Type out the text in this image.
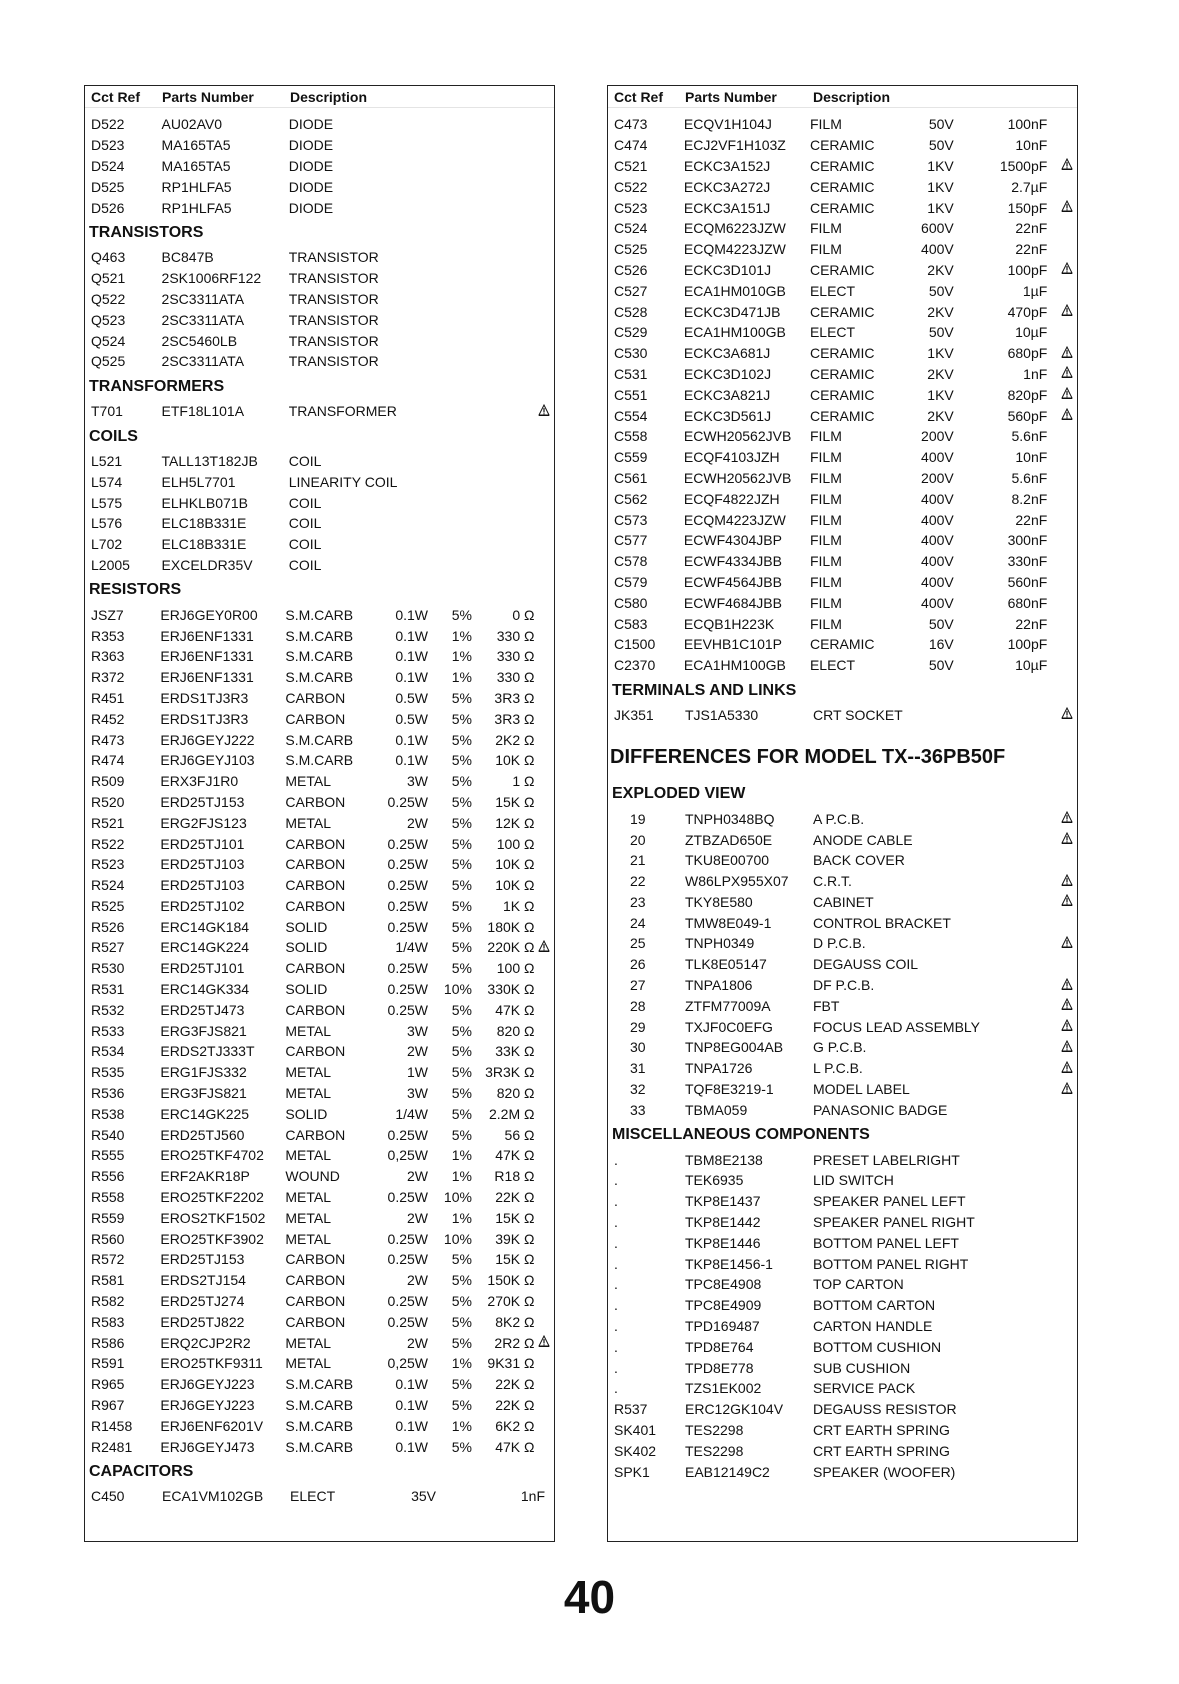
Cct Ref	Parts Number	Description
D522	AU02AV0	DIODE
D523	MA165TA5	DIODE
D524	MA165TA5	DIODE
D525	RP1HLFA5	DIODE
D526	RP1HLFA5	DIODE
TRANSISTORS
Q463	BC847B	TRANSISTOR
Q521	2SK1006RF122	TRANSISTOR
Q522	2SC3311ATA	TRANSISTOR
Q523	2SC3311ATA	TRANSISTOR
Q524	2SC5460LB	TRANSISTOR
Q525	2SC3311ATA	TRANSISTOR
TRANSFORMERS
T701	ETF18L101A	TRANSFORMER
COILS
L521	TALL13T182JB	COIL
L574	ELH5L7701	LINEARITY COIL
L575	ELHKLB071B	COIL
L576	ELC18B331E	COIL
L702	ELC18B331E	COIL
L2005	EXCELDR35V	COIL
RESISTORS
JSZ7	ERJ6GEY0R00	S.M.CARB	0.1W	5%	0 Ω
R353	ERJ6ENF1331	S.M.CARB	0.1W	1%	330 Ω
R363	ERJ6ENF1331	S.M.CARB	0.1W	1%	330 Ω
R372	ERJ6ENF1331	S.M.CARB	0.1W	1%	330 Ω
R451	ERDS1TJ3R3	CARBON	0.5W	5%	3R3 Ω
R452	ERDS1TJ3R3	CARBON	0.5W	5%	3R3 Ω
R473	ERJ6GEYJ222	S.M.CARB	0.1W	5%	2K2 Ω
R474	ERJ6GEYJ103	S.M.CARB	0.1W	5%	10K Ω
R509	ERX3FJ1R0	METAL	3W	5%	1 Ω
R520	ERD25TJ153	CARBON	0.25W	5%	15K Ω
R521	ERG2FJS123	METAL	2W	5%	12K Ω
R522	ERD25TJ101	CARBON	0.25W	5%	100 Ω
R523	ERD25TJ103	CARBON	0.25W	5%	10K Ω
R524	ERD25TJ103	CARBON	0.25W	5%	10K Ω
R525	ERD25TJ102	CARBON	0.25W	5%	1K Ω
R526	ERC14GK184	SOLID	0.25W	5%	180K Ω
R527	ERC14GK224	SOLID	1/4W	5%	220K Ω
R530	ERD25TJ101	CARBON	0.25W	5%	100 Ω
R531	ERC14GK334	SOLID	0.25W	10%	330K Ω
R532	ERD25TJ473	CARBON	0.25W	5%	47K Ω
R533	ERG3FJS821	METAL	3W	5%	820 Ω
R534	ERDS2TJ333T	CARBON	2W	5%	33K Ω
R535	ERG1FJS332	METAL	1W	5% 3R3K Ω
R536	ERG3FJS821	METAL	3W	5%	820 Ω
R538	ERC14GK225	SOLID	1/4W	5%	2.2M Ω
R540	ERD25TJ560	CARBON	0.25W	5%	56 Ω
R555	ERO25TKF4702	METAL	0,25W	1%	47K Ω
R556	ERF2AKR18P	WOUND	2W	1%	R18 Ω
R558	ERO25TKF2202	METAL	0.25W	10%	22K Ω
R559	EROS2TKF1502	METAL	2W	1%	15K Ω
R560	ERO25TKF3902	METAL	0.25W	10%	39K Ω
R572	ERD25TJ153	CARBON	0.25W	5%	15K Ω
R581	ERDS2TJ154	CARBON	2W	5%	150K Ω
R582	ERD25TJ274	CARBON	0.25W	5%	270K Ω
R583	ERD25TJ822	CARBON	0.25W	5%	8K2 Ω
R586	ERQ2CJP2R2	METAL	2W	5%	2R2 Ω
R591	ERO25TKF9311	METAL	0,25W	1%	9K31 Ω
R965	ERJ6GEYJ223	S.M.CARB	0.1W	5%	22K Ω
R967	ERJ6GEYJ223	S.M.CARB	0.1W	5%	22K Ω
R1458	ERJ6ENF6201V	S.M.CARB	0.1W	1%	6K2 Ω
R2481	ERJ6GEYJ473	S.M.CARB	0.1W	5%	47K Ω
CAPACITORS
C450	ECA1VM102GB	ELECT	35V	1nF
Cct Ref	Parts Number	Description
C473	ECQV1H104J	FILM	50V	100nF
C474	ECJ2VF1H103Z	CERAMIC	50V	10nF
C521	ECKC3A152J	CERAMIC	1KV	1500pF
C522	ECKC3A272J	CERAMIC	1KV	2.7µF
C523	ECKC3A151J	CERAMIC	1KV	150pF
C524	ECQM6223JZW	FILM	600V	22nF
C525	ECQM4223JZW	FILM	400V	22nF
C526	ECKC3D101J	CERAMIC	2KV	100pF
C527	ECA1HM010GB	ELECT	50V	1µF
C528	ECKC3D471JB	CERAMIC	2KV	470pF
C529	ECA1HM100GB	ELECT	50V	10µF
C530	ECKC3A681J	CERAMIC	1KV	680pF
C531	ECKC3D102J	CERAMIC	2KV	1nF
C551	ECKC3A821J	CERAMIC	1KV	820pF
C554	ECKC3D561J	CERAMIC	2KV	560pF
C558	ECWH20562JVB	FILM	200V	5.6nF
C559	ECQF4103JZH	FILM	400V	10nF
C561	ECWH20562JVB	FILM	200V	5.6nF
C562	ECQF4822JZH	FILM	400V	8.2nF
C573	ECQM4223JZW	FILM	400V	22nF
C577	ECWF4304JBP	FILM	400V	300nF
C578	ECWF4334JBB	FILM	400V	330nF
C579	ECWF4564JBB	FILM	400V	560nF
C580	ECWF4684JBB	FILM	400V	680nF
C583	ECQB1H223K	FILM	50V	22nF
C1500	EEVHB1C101P	CERAMIC	16V	100pF
C2370	ECA1HM100GB	ELECT	50V	10µF
TERMINALS AND LINKS
JK351	TJS1A5330	CRT SOCKET
DIFFERENCES FOR MODEL TX--36PB50F
EXPLODED VIEW
19	TNPH0348BQ	A P.C.B.
20	ZTBZAD650E	ANODE CABLE
21	TKU8E00700	BACK COVER
22	W86LPX955X07	C.R.T.
23	TKY8E580	CABINET
24	TMW8E049-1	CONTROL BRACKET
25	TNPH0349	D P.C.B.
26	TLK8E05147	DEGAUSS COIL
27	TNPA1806	DF P.C.B.
28	ZTFM77009A	FBT
29	TXJF0C0EFG	FOCUS LEAD ASSEMBLY
30	TNP8EG004AB	G P.C.B.
31	TNPA1726	L P.C.B.
32	TQF8E3219-1	MODEL LABEL
33	TBMA059	PANASONIC BADGE
MISCELLANEOUS COMPONENTS
.	TBM8E2138	PRESET LABELRIGHT
.	TEK6935	LID SWITCH
.	TKP8E1437	SPEAKER PANEL LEFT
.	TKP8E1442	SPEAKER PANEL RIGHT
.	TKP8E1446	BOTTOM PANEL LEFT
.	TKP8E1456-1	BOTTOM PANEL RIGHT
.	TPC8E4908	TOP CARTON
.	TPC8E4909	BOTTOM CARTON
.	TPD169487	CARTON HANDLE
.	TPD8E764	BOTTOM CUSHION
.	TPD8E778	SUB CUSHION
.	TZS1EK002	SERVICE PACK
R537	ERC12GK104V	DEGAUSS RESISTOR
SK401	TES2298	CRT EARTH SPRING
SK402	TES2298	CRT EARTH SPRING
SPK1	EAB12149C2	SPEAKER (WOOFER)
40
